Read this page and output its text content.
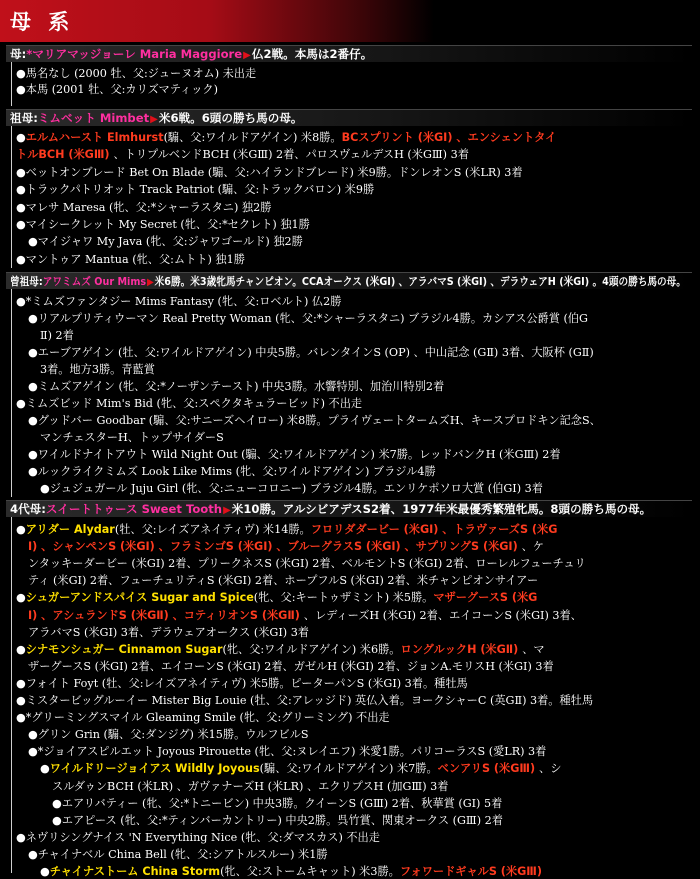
母 系
母:*マリアマッジョーレ Maria Maggiore▶仏2戦。本馬は2番仔。
●馬名なし (2000 牡、父:ジューヌオム) 未出走
●本馬 (2001 牡、父:カリズマティック)
祖母:ミムベット Mimbet▶米6戦。6頭の勝ち馬の母。
●エルムハースト Elmhurst(騸、父:ワイルドアゲイン) 米8勝。BCスプリント (米GI) 、エンシェントタイ
トルBCH (米GⅢ) 、トリプルベンドBCH (米GⅢ) 2着、パロスヴェルデスH (米GⅢ) 3着
●ベットオンブレード Bet On Blade (騸、父:ハイランドブレード) 米9勝。ドンレオンS (米LR) 3着
●トラックパトリオット Track Patriot (騸、父:トラックバロン) 米9勝
●マレサ Maresa (牝、父:*シャーラスタニ) 独2勝
●マイシークレット My Secret (牝、父:*セクレト) 独1勝
●マイジャワ My Java (牝、父:ジャワゴールド) 独2勝
●マントゥア Mantua (牝、父:ムトト) 独1勝
曾祖母:アワミムズ Our Mims▶米6勝。米3歳牝馬チャンピオン。CCAオークス (米GI) 、アラバマS (米GI) 、デラウェアH (米GI) 。4頭の勝ち馬の母。
●*ミムズファンタジー Mims Fantasy (牝、父:ロベルト) 仏2勝
●リアルプリティウーマン Real Pretty Woman (牝、父:*シャーラスタニ) ブラジル4勝。カシアス公爵賞 (伯G
Ⅱ) 2着
●エーブアゲイン (牡、父:ワイルドアゲイン) 中央5勝。バレンタインS (OP) 、中山記念 (GⅡ) 3着、大阪杯 (GⅡ)
3着。地方3勝。青藍賞
●ミムズアゲイン (牝、父:*ノーザンテースト) 中央3勝。水響特別、加治川特別2着
●ミムズビッド Mim's Bid (牝、父:スペクタキュラービッド) 不出走
●グッドバー Goodbar (騸、父:サニーズヘイロー) 米8勝。プライヴェートタームズH、キースプロドキン記念S、
マンチェスターH、トップサイダーS
●ワイルドナイトアウト Wild Night Out (騸、父:ワイルドアゲイン) 米7勝。レッドバンクH (米GⅢ) 2着
●ルックライクミムズ Look Like Mims (牝、父:ワイルドアゲイン) ブラジル4勝
●ジュジュガール Juju Girl (牝、父:ニューコロニー) ブラジル4勝。エンリケポソロ大賞 (伯GI) 3着
4代母:スイートトゥース Sweet Tooth▶米10勝。アルシビアデスS2着、1977年米最優秀繁殖牝馬。8頭の勝ち馬の母。
●アリダー Alydar(牡、父:レイズアネイティヴ) 米14勝。フロリダダービー (米GI) 、トラヴァーズS (米G
I) 、シャンペンS (米GI) 、フラミンゴS (米GI) 、ブルーグラスS (米GI) 、サプリングS (米GI) 、ケ
ンタッキーダービー (米GI) 2着、プリークネスS (米GI) 2着、ベルモントS (米GI) 2着、ローレルフューチュリ
ティ (米GI) 2着、フューチュリティS (米GI) 2着、ホープフルS (米GI) 2着、米チャンピオンサイアー
●シュガーアンドスパイス Sugar and Spice(牝、父:キートゥザミント) 米5勝。マザーグースS (米G
I) 、アシュランドS (米GⅡ) 、コティリオンS (米GⅡ) 、レディーズH (米GI) 2着、エイコーンS (米GI) 3着、
アラバマS (米GI) 3着、デラウェアオークス (米GI) 3着
●シナモンシュガー Cinnamon Sugar(牝、父:ワイルドアゲイン) 米6勝。ロングルックH (米GⅡ) 、マ
ザーグースS (米GI) 2着、エイコーンS (米GI) 2着、ガゼルH (米GI) 2着、ジョンA.モリスH (米GI) 3着
●フォイト Foyt (牡、父:レイズアネイティヴ) 米5勝。ピーターパンS (米GI) 3着。種牡馬
●ミスタービッグルーイー Mister Big Louie (牡、父:アレッジド) 英仏入着。ヨークシャーC (英GⅡ) 3着。種牡馬
●*グリーミングスマイル Gleaming Smile (牝、父:グリーミング) 不出走
●グリン Grin (騸、父:ダンジグ) 米15勝。ウルフビルS
●*ジョイアスピルエット Joyous Pirouette (牝、父:ヌレイエフ) 米愛1勝。パリコーラスS (愛LR) 3着
●ワイルドリージョイアス Wildly Joyous(騸、父:ワイルドアゲイン) 米7勝。ベンアリS (米GⅢ) 、シ
スルダゥンBCH (米LR) 、ガヴァナーズH (米LR) 、エクリプスH (加GⅢ) 3着
●エアリバティー (牝、父:*トニービン) 中央3勝。クイーンS (GⅢ) 2着、秋華賞 (GI) 5着
●エアピース (牝、父:*ティンバーカントリー) 中央2勝。呉竹賞、関東オークス (GⅢ) 2着
●ネヴリシングナイス 'N Everything Nice (牝、父:ダマスカス) 不出走
●チャイナベル China Bell (牝、父:シアトルスルー) 米1勝
●チャイナストーム China Storm(牝、父:ストームキャット) 米3勝。フォワードギャルS (米GⅢ)
